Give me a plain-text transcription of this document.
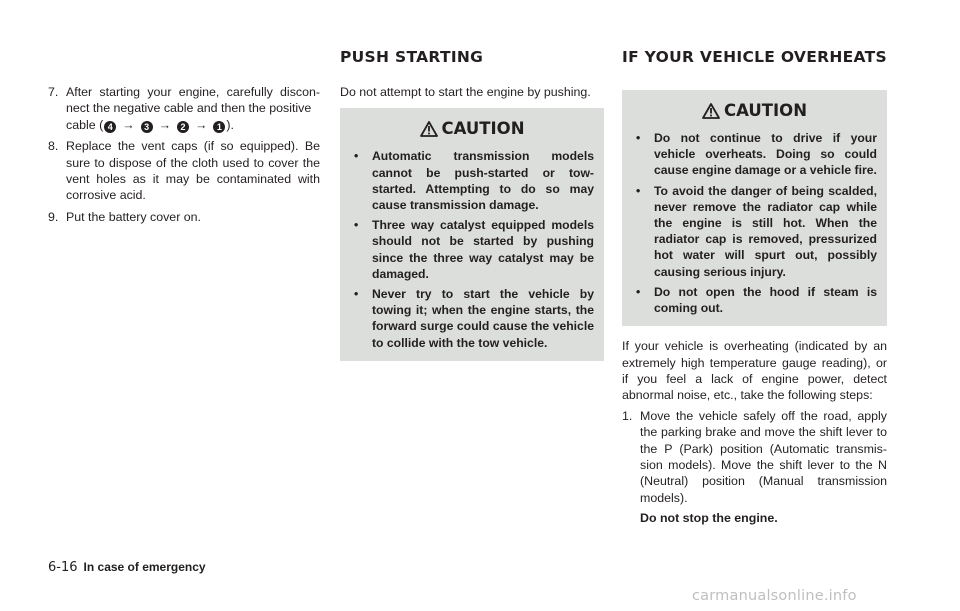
PUSH STARTING	IF YOUR VEHICLE OVERHEATS
7. After starting your engine, carefully discon-nect the negative cable and then the positive
cable ( 4 → 3 → 2 → 1 ).
8. Replace the vent caps (if so equipped). Be sure to dispose of the cloth used to cover the vent holes as it may be contaminated with corrosive acid.
9. Put the battery cover on.
Do not attempt to start the engine by pushing.
CAUTION
• Automatic transmission models cannot be push-started or tow-started. Attempting to do so may cause transmission damage.
• Three way catalyst equipped models should not be started by pushing since the three way catalyst may be damaged.
• Never try to start the vehicle by towing it; when the engine starts, the forward surge could cause the vehicle to collide with the tow vehicle.
CAUTION
• Do not continue to drive if your vehicle overheats. Doing so could cause engine damage or a vehicle fire.
• To avoid the danger of being scalded, never remove the radiator cap while the engine is still hot. When the radiator cap is removed, pressurized hot water will spurt out, possibly causing serious injury.
• Do not open the hood if steam is coming out.
If your vehicle is overheating (indicated by an extremely high temperature gauge reading), or if you feel a lack of engine power, detect abnormal noise, etc., take the following steps:
1. Move the vehicle safely off the road, apply the parking brake and move the shift lever to the P (Park) position (Automatic transmis-sion models). Move the shift lever to the N (Neutral) position (Manual transmission models).
Do not stop the engine.
6-16 In case of emergency
carmanualsonline.info
